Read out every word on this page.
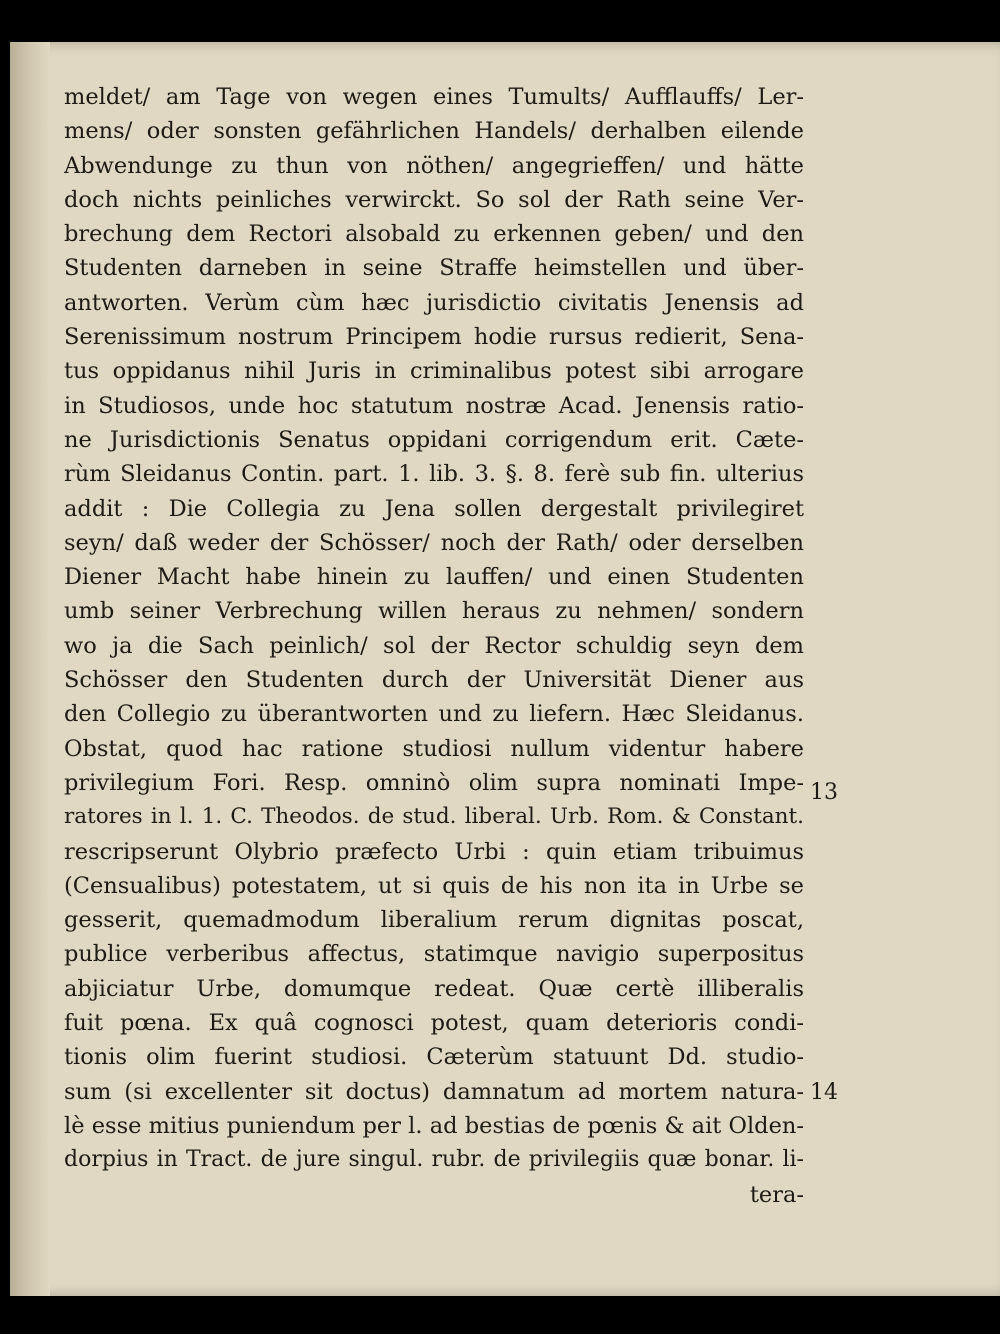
meldet/ am Tage von wegen eines Tumults/ Aufflauffs/ Ler-
mens/ oder sonsten gefährlichen Handels/ derhalben eilende
Abwendunge zu thun von nöthen/ angegrieffen/ und hätte
doch nichts peinliches verwirckt. So sol der Rath seine Ver-
brechung dem Rectori alsobald zu erkennen geben/ und den
Studenten darneben in seine Straffe heimstellen und über-
antworten. Verùm cùm hæc jurisdictio civitatis Jenensis ad
Serenissimum nostrum Principem hodie rursus redierit, Sena-
tus oppidanus nihil Juris in criminalibus potest sibi arrogare
in Studiosos, unde hoc statutum nostræ Acad. Jenensis ratio-
ne Jurisdictionis Senatus oppidani corrigendum erit. Cæte-
rùm Sleidanus Contin. part. 1. lib. 3. §. 8. ferè sub fin. ulterius
addit : Die Collegia zu Jena sollen dergestalt privilegiret
seyn/ daß weder der Schösser/ noch der Rath/ oder derselben
Diener Macht habe hinein zu lauffen/ und einen Studenten
umb seiner Verbrechung willen heraus zu nehmen/ sondern
wo ja die Sach peinlich/ sol der Rector schuldig seyn dem
Schösser den Studenten durch der Universität Diener aus
den Collegio zu überantworten und zu liefern. Hæc Sleidanus.
Obstat, quod hac ratione studiosi nullum videntur habere
privilegium Fori. Resp. omninò olim supra nominati Impe-
ratores in l. 1. C. Theodos. de stud. liberal. Urb. Rom. & Constant.
rescripserunt Olybrio præfecto Urbi : quin etiam tribuimus
(Censualibus) potestatem, ut si quis de his non ita in Urbe se
gesserit, quemadmodum liberalium rerum dignitas poscat,
publice verberibus affectus, statimque navigio superpositus
abjiciatur Urbe, domumque redeat. Quæ certè illiberalis
fuit pœna. Ex quâ cognosci potest, quam deterioris condi-
tionis olim fuerint studiosi. Cæterùm statuunt Dd. studio-
sum (si excellenter sit doctus) damnatum ad mortem natura-
lè esse mitius puniendum per l. ad bestias de pœnis & ait Olden-
dorpius in Tract. de jure singul. rubr. de privilegiis quæ bonar. li-
tera-
13
14
